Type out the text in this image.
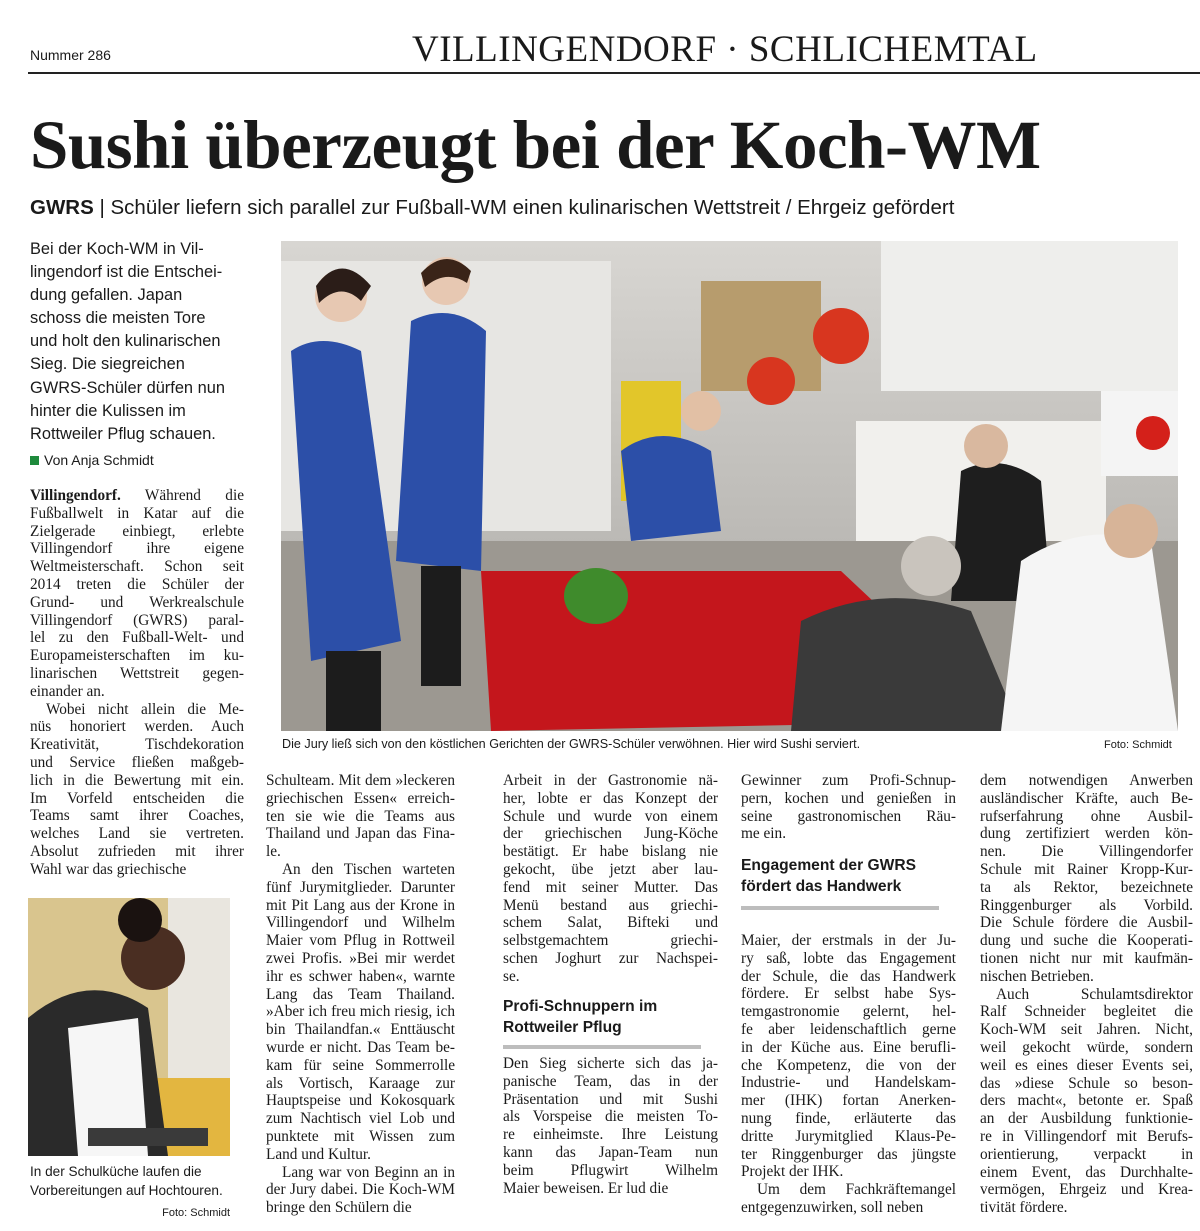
Nummer 286	VILLINGENDORF · SCHLICHEMTAL
Sushi überzeugt bei der Koch-WM
GWRS | Schüler liefern sich parallel zur Fußball-WM einen kulinarischen Wettstreit / Ehrgeiz gefördert
Bei der Koch-WM in Vil-
lingendorf ist die Entschei-
dung gefallen. Japan
schoss die meisten Tore
und holt den kulinarischen
Sieg. Die siegreichen
GWRS-Schüler dürfen nun
hinter die Kulissen im
Rottweiler Pflug schauen.
Von Anja Schmidt
Villingendorf. Während die
Fußballwelt in Katar auf die
Zielgerade einbiegt, erlebte
Villingendorf ihre eigene
Weltmeisterschaft. Schon seit
2014 treten die Schüler der
Grund- und Werkrealschule
Villingendorf (GWRS) paral-
lel zu den Fußball-Welt- und
Europameisterschaften im ku-
linarischen Wettstreit gegen-
einander an.
Wobei nicht allein die Me-
nüs honoriert werden. Auch
Kreativität, Tischdekoration
und Service fließen maßgeb-
lich in die Bewertung mit ein.
Im Vorfeld entscheiden die
Teams samt ihrer Coaches,
welches Land sie vertreten.
Absolut zufrieden mit ihrer
Wahl war das griechische
Schulteam. Mit dem »leckeren
griechischen Essen« erreich-
ten sie wie die Teams aus
Thailand und Japan das Fina-
le.
An den Tischen warteten
fünf Jurymitglieder. Darunter
mit Pit Lang aus der Krone in
Villingendorf und Wilhelm
Maier vom Pflug in Rottweil
zwei Profis. »Bei mir werdet
ihr es schwer haben«, warnte
Lang das Team Thailand.
»Aber ich freu mich riesig, ich
bin Thailandfan.« Enttäuscht
wurde er nicht. Das Team be-
kam für seine Sommerrolle
als Vortisch, Karaage zur
Hauptspeise und Kokosquark
zum Nachtisch viel Lob und
punktete mit Wissen zum
Land und Kultur.
Lang war von Beginn an in
der Jury dabei. Die Koch-WM
bringe den Schülern die
Arbeit in der Gastronomie nä-
her, lobte er das Konzept der
Schule und wurde von einem
der griechischen Jung-Köche
bestätigt. Er habe bislang nie
gekocht, übe jetzt aber lau-
fend mit seiner Mutter. Das
Menü bestand aus griechi-
schem Salat, Bifteki und
selbstgemachtem griechi-
schen Joghurt zur Nachspei-
se.
Profi-Schnuppern im
Rottweiler Pflug
Den Sieg sicherte sich das ja-
panische Team, das in der
Präsentation und mit Sushi
als Vorspeise die meisten To-
re einheimste. Ihre Leistung
kann das Japan-Team nun
beim Pflugwirt Wilhelm
Maier beweisen. Er lud die
Gewinner zum Profi-Schnup-
pern, kochen und genießen in
seine gastronomischen Räu-
me ein.
Engagement der GWRS
fördert das Handwerk
Maier, der erstmals in der Ju-
ry saß, lobte das Engagement
der Schule, die das Handwerk
fördere. Er selbst habe Sys-
temgastronomie gelernt, hel-
fe aber leidenschaftlich gerne
in der Küche aus. Eine berufli-
che Kompetenz, die von der
Industrie- und Handelskam-
mer (IHK) fortan Anerken-
nung finde, erläuterte das
dritte Jurymitglied Klaus-Pe-
ter Ringgenburger das jüngste
Projekt der IHK.
Um dem Fachkräftemangel
entgegenzuwirken, soll neben
dem notwendigen Anwerben
ausländischer Kräfte, auch Be-
rufserfahrung ohne Ausbil-
dung zertifiziert werden kön-
nen. Die Villingendorfer
Schule mit Rainer Kropp-Kur-
ta als Rektor, bezeichnete
Ringgenburger als Vorbild.
Die Schule fördere die Ausbil-
dung und suche die Kooperati-
tionen nicht nur mit kaufmän-
nischen Betrieben.
Auch Schulamtsdirektor
Ralf Schneider begleitet die
Koch-WM seit Jahren. Nicht,
weil gekocht würde, sondern
weil es eines dieser Events sei,
das »diese Schule so beson-
ders macht«, betonte er. Spaß
an der Ausbildung funktionie-
re in Villingendorf mit Berufs-
orientierung, verpackt in
einem Event, das Durchhalte-
vermögen, Ehrgeiz und Krea-
tivität fördere.
Die Jury ließ sich von den köstlichen Gerichten der GWRS-Schüler verwöhnen. Hier wird Sushi serviert.	Foto: Schmidt
In der Schulküche laufen die Vorbereitungen auf Hochtouren.
Foto: Schmidt
